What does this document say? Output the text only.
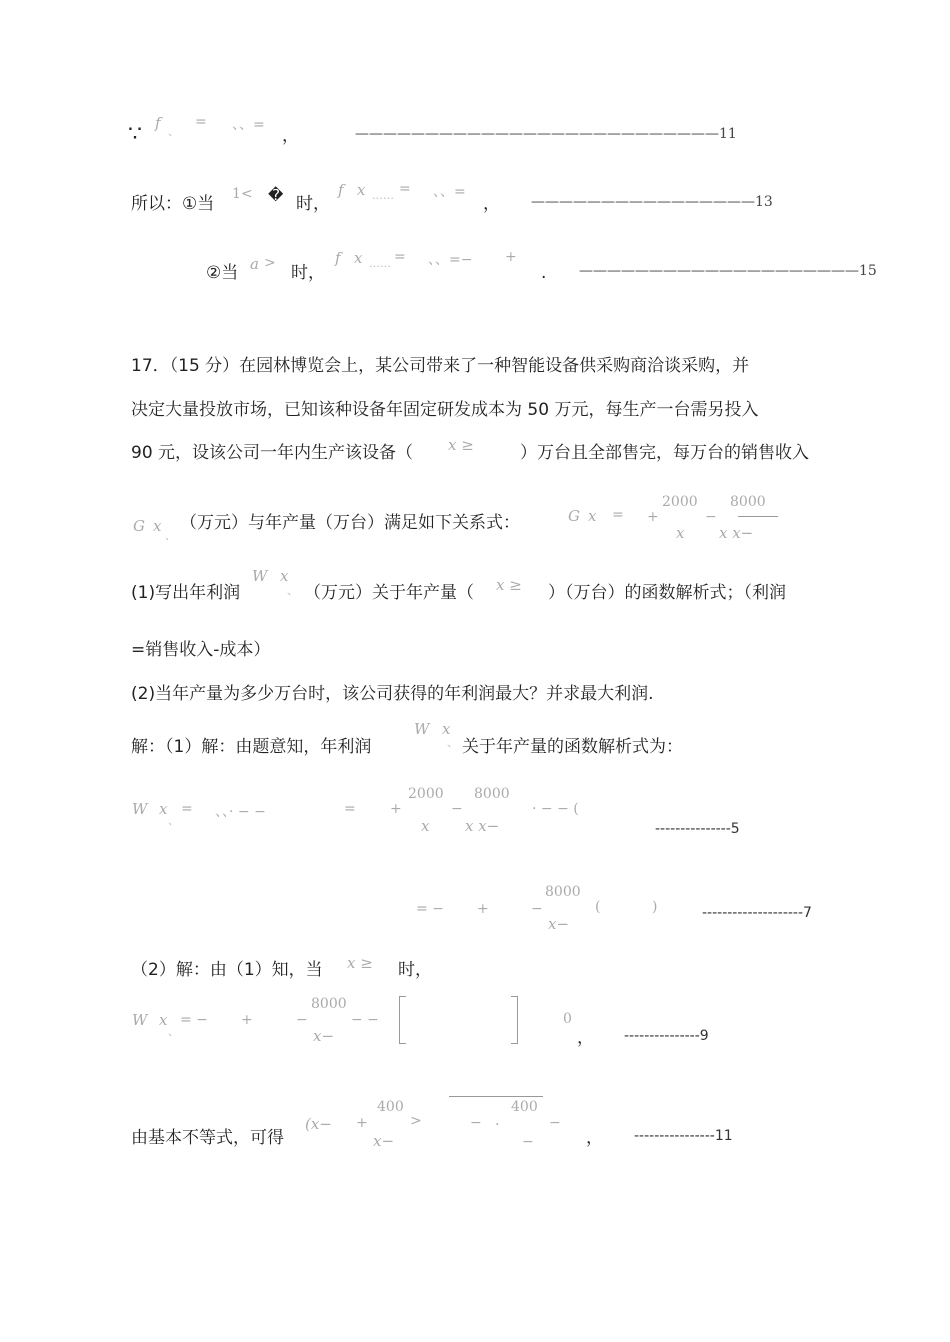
∵ f 、
= 、、=
，	——————————————————————————11
所以：①当 1 < � 时，
f x …… = 、、=
， ————————————————13
②当 a > 时，
f x …… = 、、=− +
. ————————————————————15
17．（15 分）在园林博览会上，某公司带来了一种智能设备供采购商洽谈采购，并
决定大量投放市场，已知该种设备年固定研发成本为 50 万元，每生产一台需另投入
90 元，设该公司一年内生产该设备（ x ≥	）万台且全部售完，每万台的销售收入
G x
、
（万元）与年产量（万台）满足如下关系式：	G x = +
2000
x
−
8000
x x−
(1)写出年利润
W x
、 （万元）关于年产量（ x ≥ ）（万台）的函数解析式；（利润
=销售收入-成本）
(2)当年产量为多少万台时，该公司获得的年利润最大？并求最大利润.
解：（1）解：由题意知，年利润
W x
、 关于年产量的函数解析式为：
W x
、
= 、、· − −	= +
2000
x
−
8000
x x−
· − − (
---------------5
= − +	−
8000
x−
(	)	--------------------7
（2）解：由（1）知，当 x ≥ 时，
W x
、
= − +	−
8000
x−
− −	0
， ---------------9
由基本不等式，可得
(x− +
400
x−
>	− ·
400
−
−	， ----------------11
